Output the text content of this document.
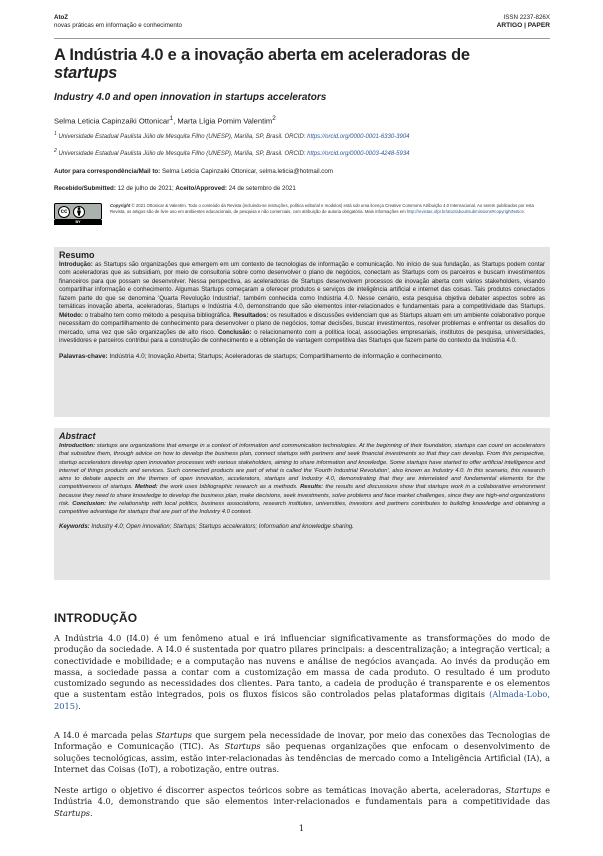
AtoZ
novas práticas em informação e conhecimento
ISSN 2237-826X
ARTIGO | PAPER
A Indústria 4.0 e a inovação aberta em aceleradoras de
startups
Industry 4.0 and open innovation in startups accelerators
Selma Leticia Capinzaiki Ottonicar$^1$, Marta Lígia Pomim Valentim$^2$
$^1$ Universidade Estadual Paulista Júlio de Mesquita Filho (UNESP), Marília, SP, Brasil. ORCID: https://orcid.org/0000-0001-6330-3904
$^2$ Universidade Estadual Paulista Júlio de Mesquita Filho (UNESP), Marília, SP, Brasil. ORCID: https://orcid.org/0000-0003-4248-5934
Autor para correspondência/Mail to: Selma Leticia Capinzaiki Ottonicar, selma.leticia@hotmail.com
Recebido/Submitted: 12 de julho de 2021; Aceito/Approved: 24 de setembro de 2021
cc
BY
Copyright © 2021 Ottonicar & Valentim. Todo o conteúdo da Revista (incluindo-se instruções, política editorial e modelos) está sob uma licença Creative Commons Atribuição 4.0 Internacional. Ao serem publicados por esta Revista, os artigos são de livre uso em ambientes educacionais, de pesquisa e não comerciais, com atribuição de autoria obrigatória. Mais informações em http://revistas.ufpr.br/atoz/about/submissions#copyrightNotice.
Resumo
Introdução: as Startups são organizações que emergem em um contexto de tecnologias de informação e comunicação. No início de sua fundação, as Startups podem contar com aceleradoras que as subsidiam, por meio de consultoria sobre como desenvolver o plano de negócios, conectam as Startups com os parceiros e buscam investimentos financeiros para que possam se desenvolver. Nessa perspectiva, as aceleradoras de Startups desenvolvem processos de inovação aberta com vários stakeholders, visando compartilhar informação e conhecimento. Algumas Startups começaram a oferecer produtos e serviços de inteligência artificial e internet das coisas. Tais produtos conectados fazem parte do que se denomina 'Quarta Revolução Industrial', também conhecida como Indústria 4.0. Nesse cenário, esta pesquisa objetiva debater aspectos sobre as temáticas inovação aberta, aceleradoras, Startups e Indústria 4.0, demonstrando que são elementos inter-relacionados e fundamentais para a competitividade das Startups. Método: o trabalho tem como método a pesquisa bibliográfica. Resultados: os resultados e discussões evidenciam que as Startups atuam em um ambiente colaborativo porque necessitam do compartilhamento de conhecimento para desenvolver o plano de negócios, tomar decisões, buscar investimentos, resolver problemas e enfrentar os desafios do mercado, uma vez que são organizações de alto risco. Conclusão: o relacionamento com a política local, associações empresariais, institutos de pesquisa, universidades, investidores e parceiros contribui para a construção de conhecimento e a obtenção de vantagem competitiva das Startups que fazem parte do contexto da Indústria 4.0.
Palavras-chave: Indústria 4.0; Inovação Aberta; Startups; Aceleradoras de startups; Compartilhamento de informação e conhecimento.
Abstract
Introduction: startups are organizations that emerge in a context of information and communication technologies. At the beginning of their foundation, startups can count on accelerators that subsidize them, through advice on how to develop the business plan, connect startups with partners and seek financial investments so that they can develop. From this perspective, startup accelerators develop open innovation processes with various stakeholders, aiming to share information and knowledge. Some startups have started to offer artificial intelligence and internet of things products and services. Such connected products are part of what is called the 'Fourth Industrial Revolution', also known as Industry 4.0. In this scenario, this research aims to debate aspects on the themes of open innovation, accelerators, startups and Industry 4.0, demonstrating that they are interrelated and fundamental elements for the competitiveness of startups. Method: the work uses bibliographic research as a methods. Results: the results and discussions show that startups work in a collaborative environment because they need to share knowledge to develop the business plan, make decisions, seek investments, solve problems and face market challenges, since they are high-end organizations risk. Conclusion: the relationship with local politics, business associations, research institutes, universities, investors and partners contributes to building knowledge and obtaining a competitive advantage for startups that are part of the Industry 4.0 context.
Keywords: Industry 4.0; Open innovation; Startups; Startups accelerators; Information and knowledge sharing.
INTRODUÇÃO
A Indústria 4.0 (I4.0) é um fenômeno atual e irá influenciar significativamente as transformações do modo de produção da sociedade. A I4.0 é sustentada por quatro pilares principais: a descentralização; a integração vertical; a conectividade e mobilidade; e a computação nas nuvens e análise de negócios avançada. Ao invés da produção em massa, a sociedade passa a contar com a customização em massa de cada produto. O resultado é um produto customizado segundo as necessidades dos clientes. Para tanto, a cadeia de produção é transparente e os elementos que a sustentam estão integrados, pois os fluxos físicos são controlados pelas plataformas digitais (Almada-Lobo, 2015).
A I4.0 é marcada pelas Startups que surgem pela necessidade de inovar, por meio das conexões das Tecnologias de Informação e Comunicação (TIC). As Startups são pequenas organizações que enfocam o desenvolvimento de soluções tecnológicas, assim, estão inter-relacionadas às tendências de mercado como a Inteligência Artificial (IA), a Internet das Coisas (IoT), a robotização, entre outras.
Neste artigo o objetivo é discorrer aspectos teóricos sobre as temáticas inovação aberta, aceleradoras, Startups e Indústria 4.0, demonstrando que são elementos inter-relacionados e fundamentais para a competitividade das Startups.
1
